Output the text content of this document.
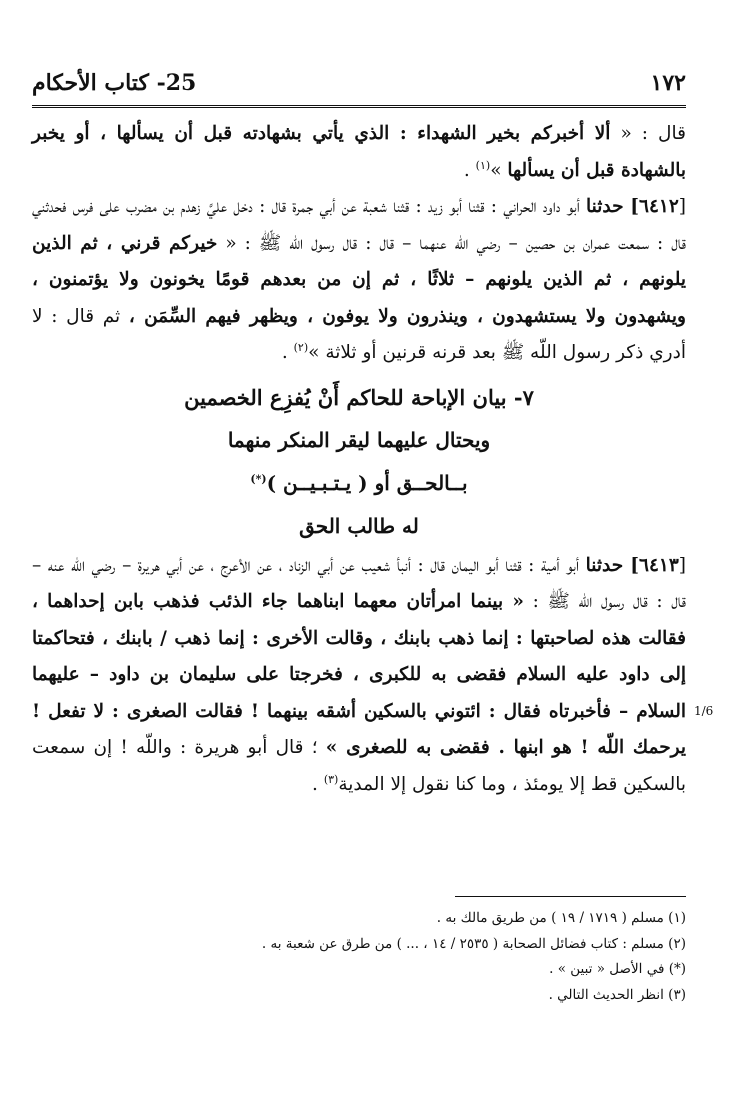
١٧٢
25- كتاب الأحكام

قال : « ألا أخبركم بخير الشهداء : الذي يأتي بشهادته قبل أن يسألها ، أو يخبر بالشهادة قبل أن يسألها »$^{(١)}$ .

[٦٤١٢] حدثنا أبو داود الحراني : قثنا أبو زيد : قثنا شعبة عن أبي جمرة قال : دخل عليَّ زهدم بن مضرب على فرس فحدثني قال : سمعت عمران بن حصين – رضي اللّه عنهما – قال : قال رسول اللّه ﷺ : « خيركم قرني ، ثم الذين يلونهم ، ثم الذين يلونهم – ثلاثًا ، ثم إن من بعدهم قومًا يخونون ولا يؤتمنون ، ويشهدون ولا يستشهدون ، وينذرون ولا يوفون ، ويظهر فيهم السِّمَن ، ثم قال : لا أدري ذكر رسول اللّه ﷺ بعد قرنه قرنين أو ثلاثة »$^{(٢)}$ .

٧- بيان الإباحة للحاكم أَنْ يُفزِع الخصمين

ويحتال عليهما ليقر المنكر منهما

بــالحــق أو ( يـتـبـيــن )(*)

له طالب الحق

[٦٤١٣] حدثنا أبو أمية : قثنا أبو اليمان قال : أنبأ شعيب عن أبي الزناد ، عن الأعرج ، عن أبي هريرة – رضي اللّه عنه – قال : قال رسول اللّه ﷺ : « بينما امرأتان معهما ابناهما جاء الذئب فذهب بابن إحداهما ، فقالت هذه لصاحبتها : إنما ذهب بابنك ، وقالت الأخرى : إنما ذهب / بابنك ، فتحاكمتا إلى داود عليه السلام فقضى به للكبرى ، فخرجتا على سليمان بن داود – عليهما السلام – فأخبرتاه فقال : ائتوني بالسكين أشقه بينهما ! فقالت الصغرى : لا تفعل ! يرحمك اللّه ! هو ابنها . فقضى به للصغرى » ؛ قال أبو هريرة : واللّه ! إن سمعت بالسكين قط إلا يومئذ ، وما كنا نقول إلا المدية$^{(٣)}$ .

1/6

(١) مسلم ( ١٧١٩ / ١٩ ) من طريق مالك به .

(٢) مسلم : كتاب فضائل الصحابة ( ٢٥٣٥ / ١٤ ، ... ) من طرق عن شعبة به .

(*) في الأصل « تبين » .

(٣) انظر الحديث التالي .
